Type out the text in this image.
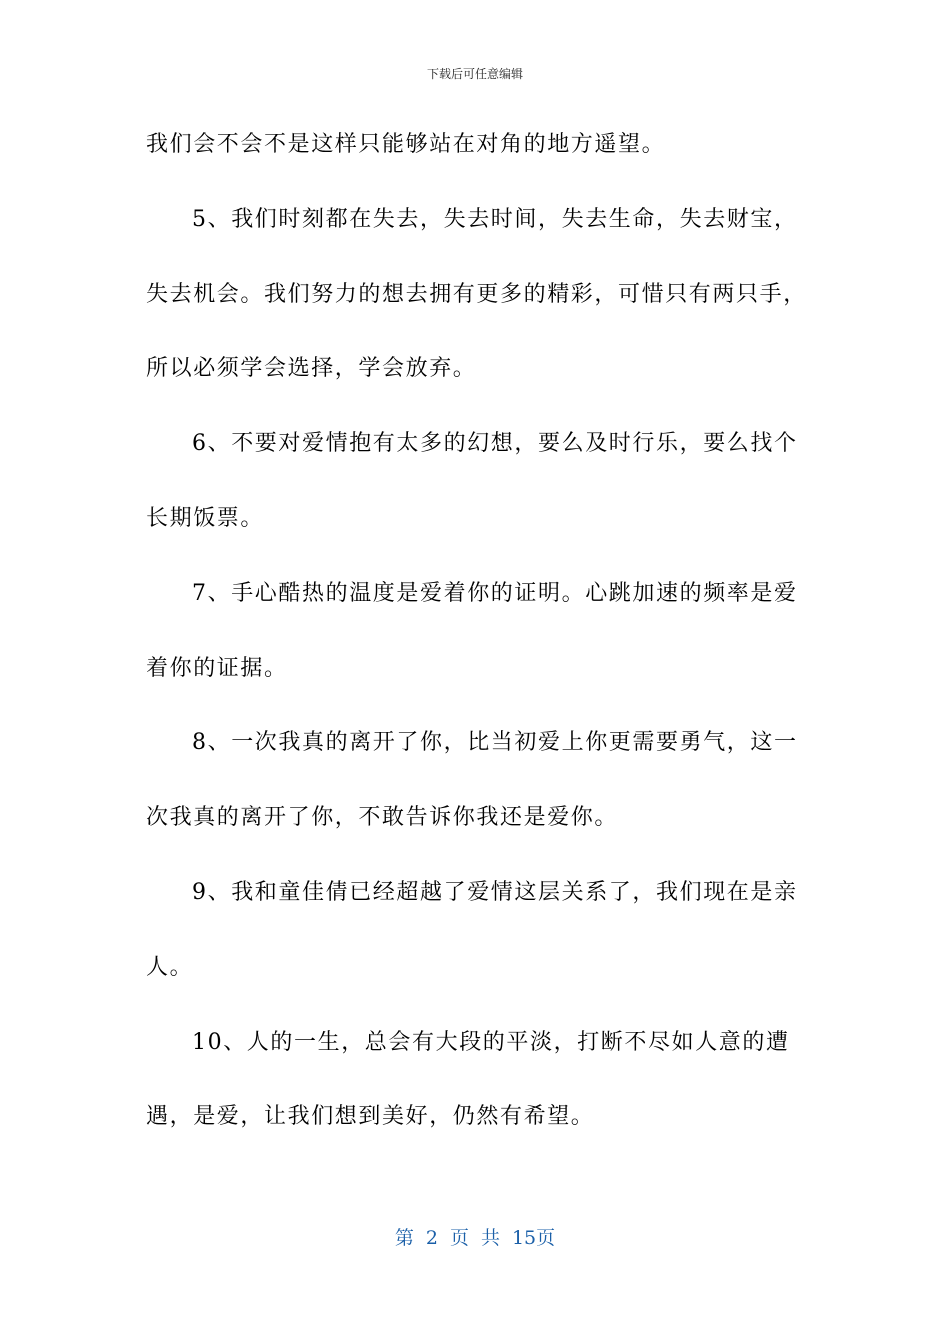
下载后可任意编辑
我们会不会不是这样只能够站在对角的地方遥望。
5、我们时刻都在失去，失去时间，失去生命，失去财宝，
失去机会。我们努力的想去拥有更多的精彩，可惜只有两只手，
所以必须学会选择，学会放弃。
6、不要对爱情抱有太多的幻想，要么及时行乐，要么找个
长期饭票。
7、手心酷热的温度是爱着你的证明。心跳加速的频率是爱
着你的证据。
8、一次我真的离开了你，比当初爱上你更需要勇气，这一
次我真的离开了你，不敢告诉你我还是爱你。
9、我和童佳倩已经超越了爱情这层关系了，我们现在是亲
人。
10、人的一生，总会有大段的平淡，打断不尽如人意的遭
遇，是爱，让我们想到美好，仍然有希望。
第 2 页 共 15页
